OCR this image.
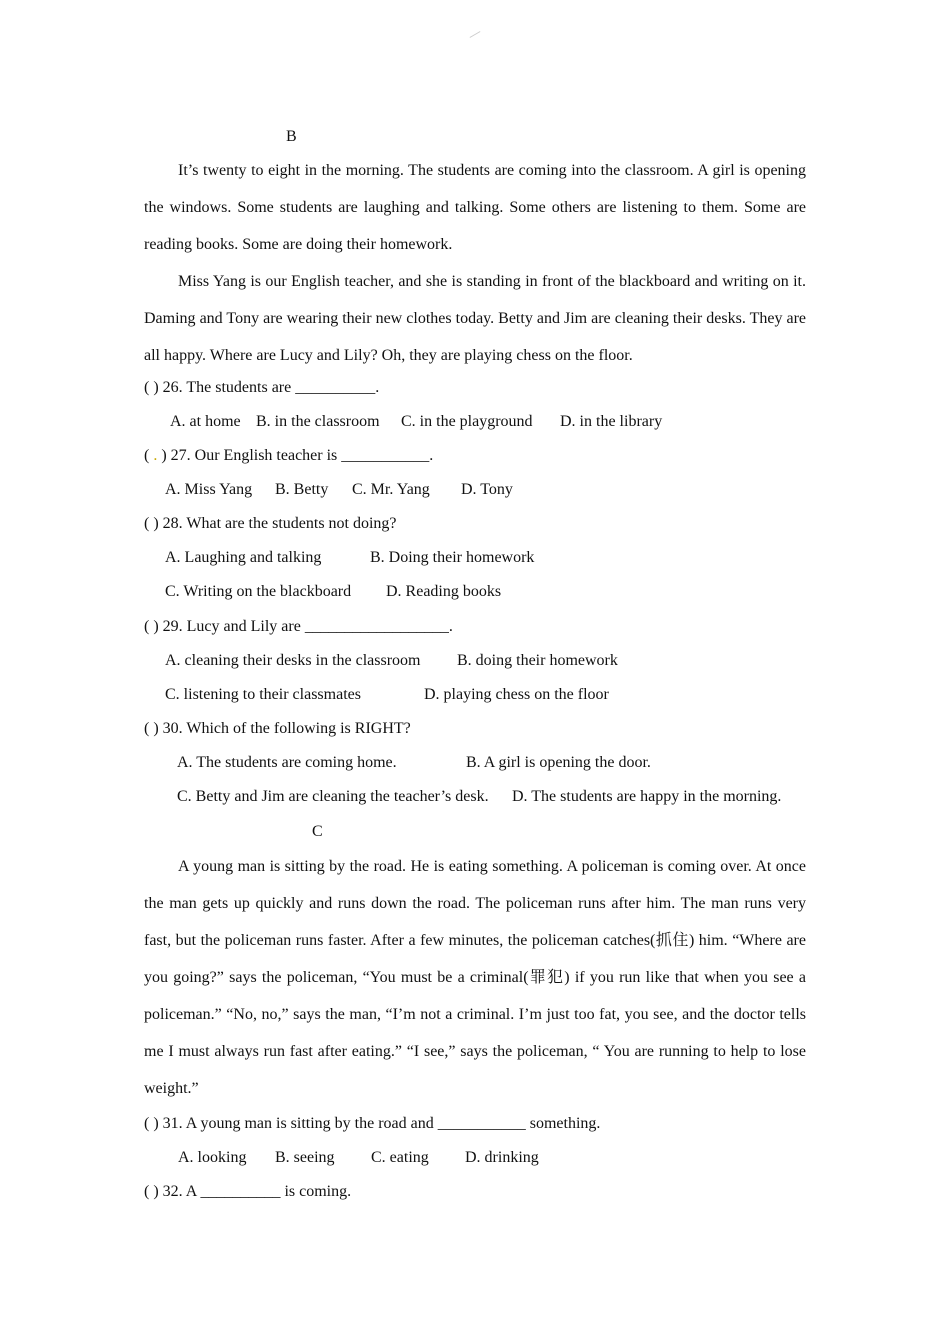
B

It’s twenty to eight in the morning. The students are coming into the classroom. A girl is opening the windows. Some students are laughing and talking. Some others are listening to them. Some are reading books. Some are doing their homework.

Miss Yang is our English teacher, and she is standing in front of the blackboard and writing on it. Daming and Tony are wearing their new clothes today. Betty and Jim are cleaning their desks. They are all happy. Where are Lucy and Lily? Oh, they are playing chess on the floor.

( ) 26. The students are __________.
A. at home B. in the classroom C. in the playground D. in the library
( . ) 27. Our English teacher is ___________.
A. Miss Yang B. Betty C. Mr. Yang D. Tony
( ) 28. What are the students not doing?
A. Laughing and talking	B. Doing their homework
C. Writing on the blackboard D. Reading books
( ) 29. Lucy and Lily are __________________.
A. cleaning their desks in the classroom B. doing their homework
C. listening to their classmates	D. playing chess on the floor
( ) 30. Which of the following is RIGHT?
A. The students are coming home.	B. A girl is opening the door.
C. Betty and Jim are cleaning the teacher’s desk. D. The students are happy in the morning.
C

A young man is sitting by the road. He is eating something. A policeman is coming over. At once the man gets up quickly and runs down the road. The policeman runs after him. The man runs very fast, but the policeman runs faster. After a few minutes, the policeman catches(抓住) him. “Where are you going?” says the policeman, “You must be a criminal(罪犯) if you run like that when you see a policeman.” “No, no,” says the man, “I’m not a criminal. I’m just too fat, you see, and the doctor tells me I must always run fast after eating.” “I see,” says the policeman, “ You are running to help to lose weight.”

( ) 31. A young man is sitting by the road and ___________ something.
A. looking B. seeing C. eating D. drinking
( ) 32. A __________ is coming.
